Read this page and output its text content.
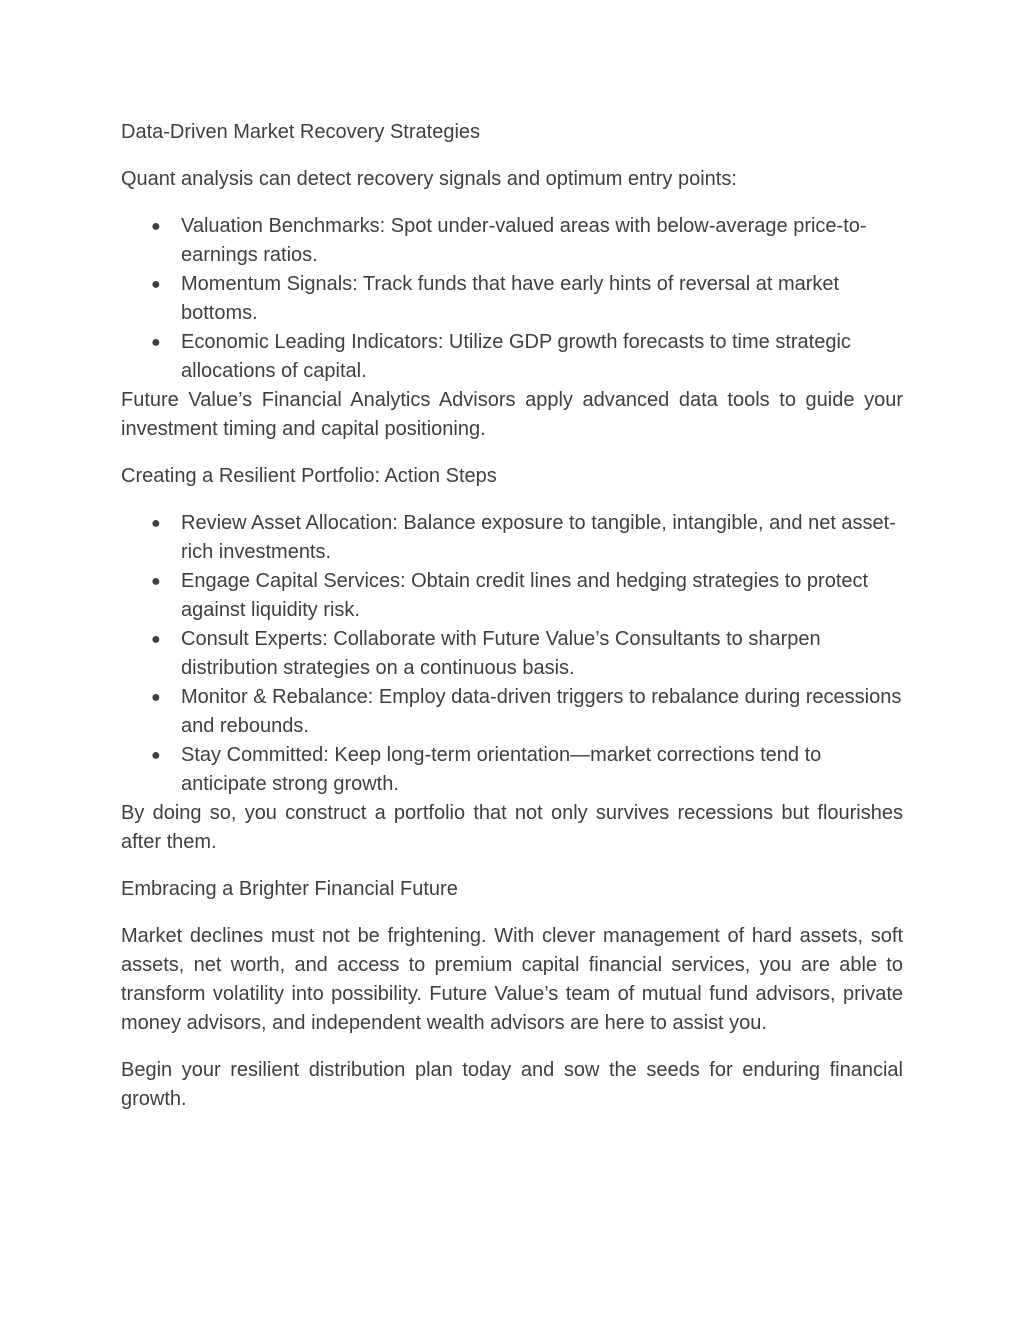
Data-Driven Market Recovery Strategies

Quant analysis can detect recovery signals and optimum entry points:

● Valuation Benchmarks: Spot under-valued areas with below-average price-to-earnings ratios.
● Momentum Signals: Track funds that have early hints of reversal at market bottoms.
● Economic Leading Indicators: Utilize GDP growth forecasts to time strategic allocations of capital.

Future Value’s Financial Analytics Advisors apply advanced data tools to guide your investment timing and capital positioning.

Creating a Resilient Portfolio: Action Steps

● Review Asset Allocation: Balance exposure to tangible, intangible, and net asset-rich investments.
● Engage Capital Services: Obtain credit lines and hedging strategies to protect against liquidity risk.
● Consult Experts: Collaborate with Future Value’s Consultants to sharpen distribution strategies on a continuous basis.
● Monitor & Rebalance: Employ data-driven triggers to rebalance during recessions and rebounds.
● Stay Committed: Keep long-term orientation—market corrections tend to anticipate strong growth.

By doing so, you construct a portfolio that not only survives recessions but flourishes after them.

Embracing a Brighter Financial Future

Market declines must not be frightening. With clever management of hard assets, soft assets, net worth, and access to premium capital financial services, you are able to transform volatility into possibility. Future Value’s team of mutual fund advisors, private money advisors, and independent wealth advisors are here to assist you.

Begin your resilient distribution plan today and sow the seeds for enduring financial growth.
